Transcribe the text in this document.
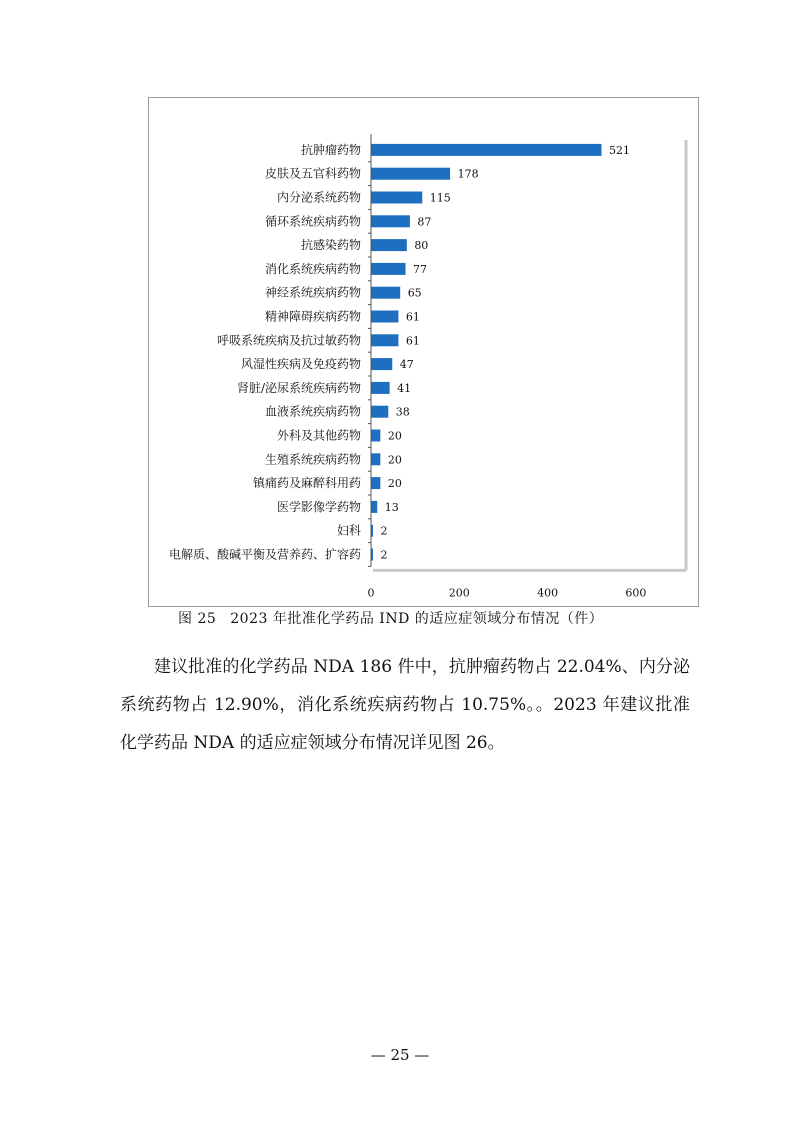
抗肿瘤药物	521
皮肤及五官科药物	178
内分泌系统药物	115
循环系统疾病药物	87
抗感染药物	80
消化系统疾病药物	77
神经系统疾病药物	65
精神障碍疾病药物	61
呼吸系统疾病及抗过敏药物	61
风湿性疾病及免疫药物	47
肾脏/泌尿系统疾病药物	41
血液系统疾病药物	38
外科及其他药物 20
生殖系统疾病药物 20
镇痛药及麻醉科用药 20
医学影像学药物 13
妇科 2
电解质、酸碱平衡及营养药、扩容药 2
0	200	400	600
图 25 2023 年批准化学药品 IND 的适应症领域分布情况（件）

建议批准的化学药品 NDA 186 件中，抗肿瘤药物占 22.04%、内分泌系统药物占 12.90%，消化系统疾病药物占 10.75%。。2023 年建议批准化学药品 NDA 的适应症领域分布情况详见图 26。

— 25 —
